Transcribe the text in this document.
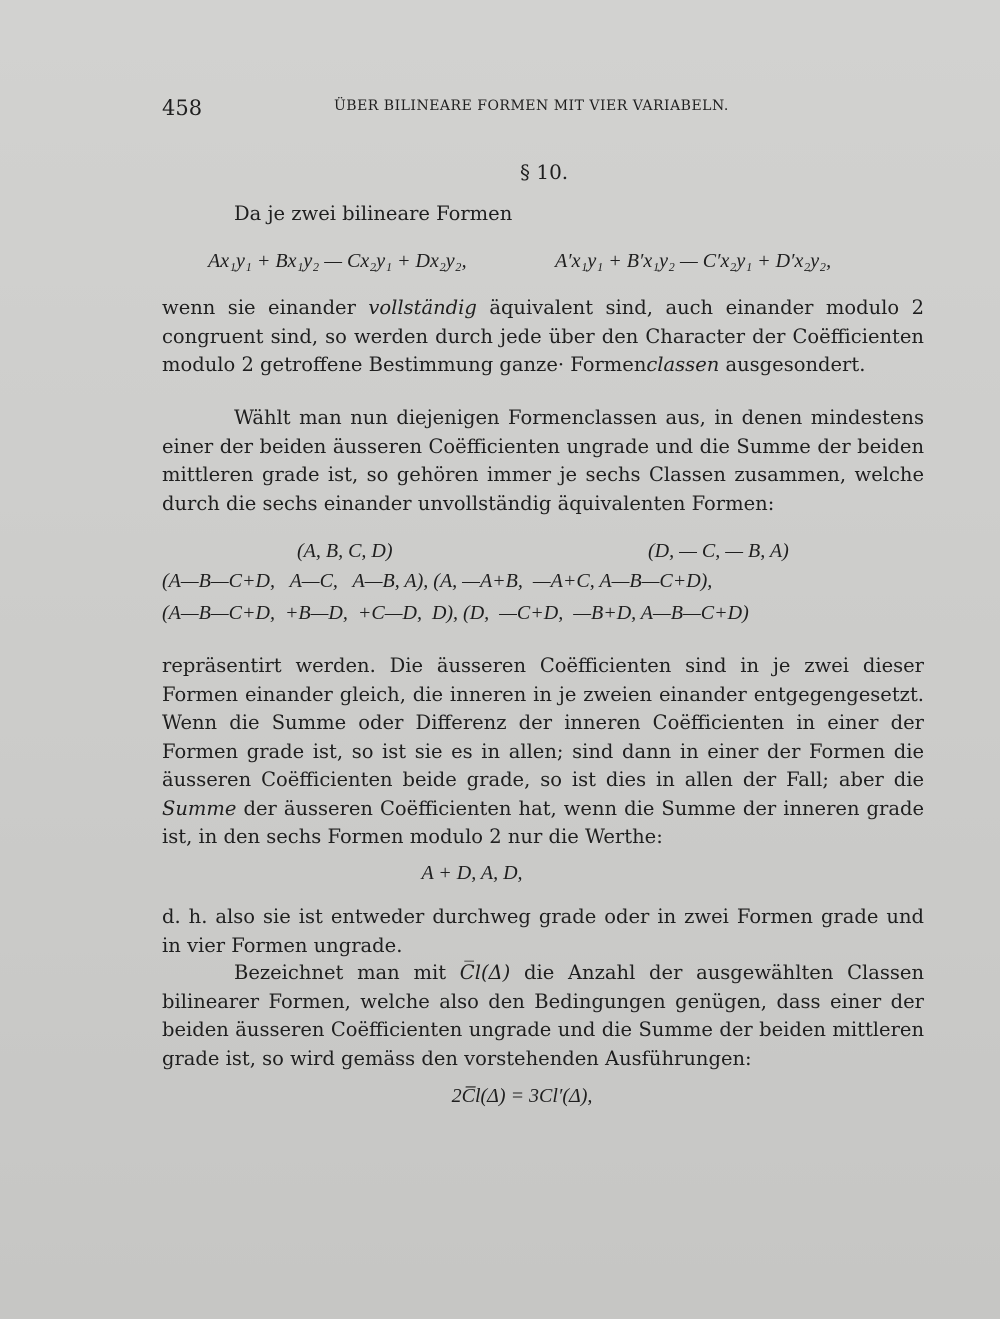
458	ÜBER BILINEARE FORMEN MIT VIER VARIABELN.
§ 10.
Da je zwei bilineare Formen
Ax₁y₁ + Bx₁y₂ — Cx₂y₁ + Dx₂y₂,	A′x₁y₁ + B′x₁y₂ — C′x₂y₁ + D′x₂y₂,
wenn sie einander vollständig äquivalent sind, auch einander modulo 2 congruent sind, so werden durch jede über den Character der Coëfficienten modulo 2 getroffene Bestimmung ganze· Formenclassen ausgesondert.
Wählt man nun diejenigen Formenclassen aus, in denen mindestens einer der beiden äusseren Coëfficienten ungrade und die Summe der beiden mittleren grade ist, so gehören immer je sechs Classen zusammen, welche durch die sechs einander unvollständig äquivalenten Formen:
(A, B, C, D)	(D, — C, — B, A)
(A—B—C+D,   A—C,   A—B, A), (A, —A+B,  —A+C, A—B—C+D),
(A—B—C+D,  +B—D,  +C—D,  D), (D,  —C+D,  —B+D, A—B—C+D)
repräsentirt werden. Die äusseren Coëfficienten sind in je zwei dieser Formen einander gleich, die inneren in je zweien einander entgegengesetzt. Wenn die Summe oder Differenz der inneren Coëfficienten in einer der Formen grade ist, so ist sie es in allen; sind dann in einer der Formen die äusseren Coëfficienten beide grade, so ist dies in allen der Fall; aber die Summe der äusseren Coëfficienten hat, wenn die Summe der inneren grade ist, in den sechs Formen modulo 2 nur die Werthe:
A + D, A, D,
d. h. also sie ist entweder durchweg grade oder in zwei Formen grade und in vier Formen ungrade.
Bezeichnet man mit C̅l(Δ) die Anzahl der ausgewählten Classen bilinearer Formen, welche also den Bedingungen genügen, dass einer der beiden äusseren Coëfficienten ungrade und die Summe der beiden mittleren grade ist, so wird gemäss den vorstehenden Ausführungen:
2C̅l(Δ) = 3Cl′(Δ),
